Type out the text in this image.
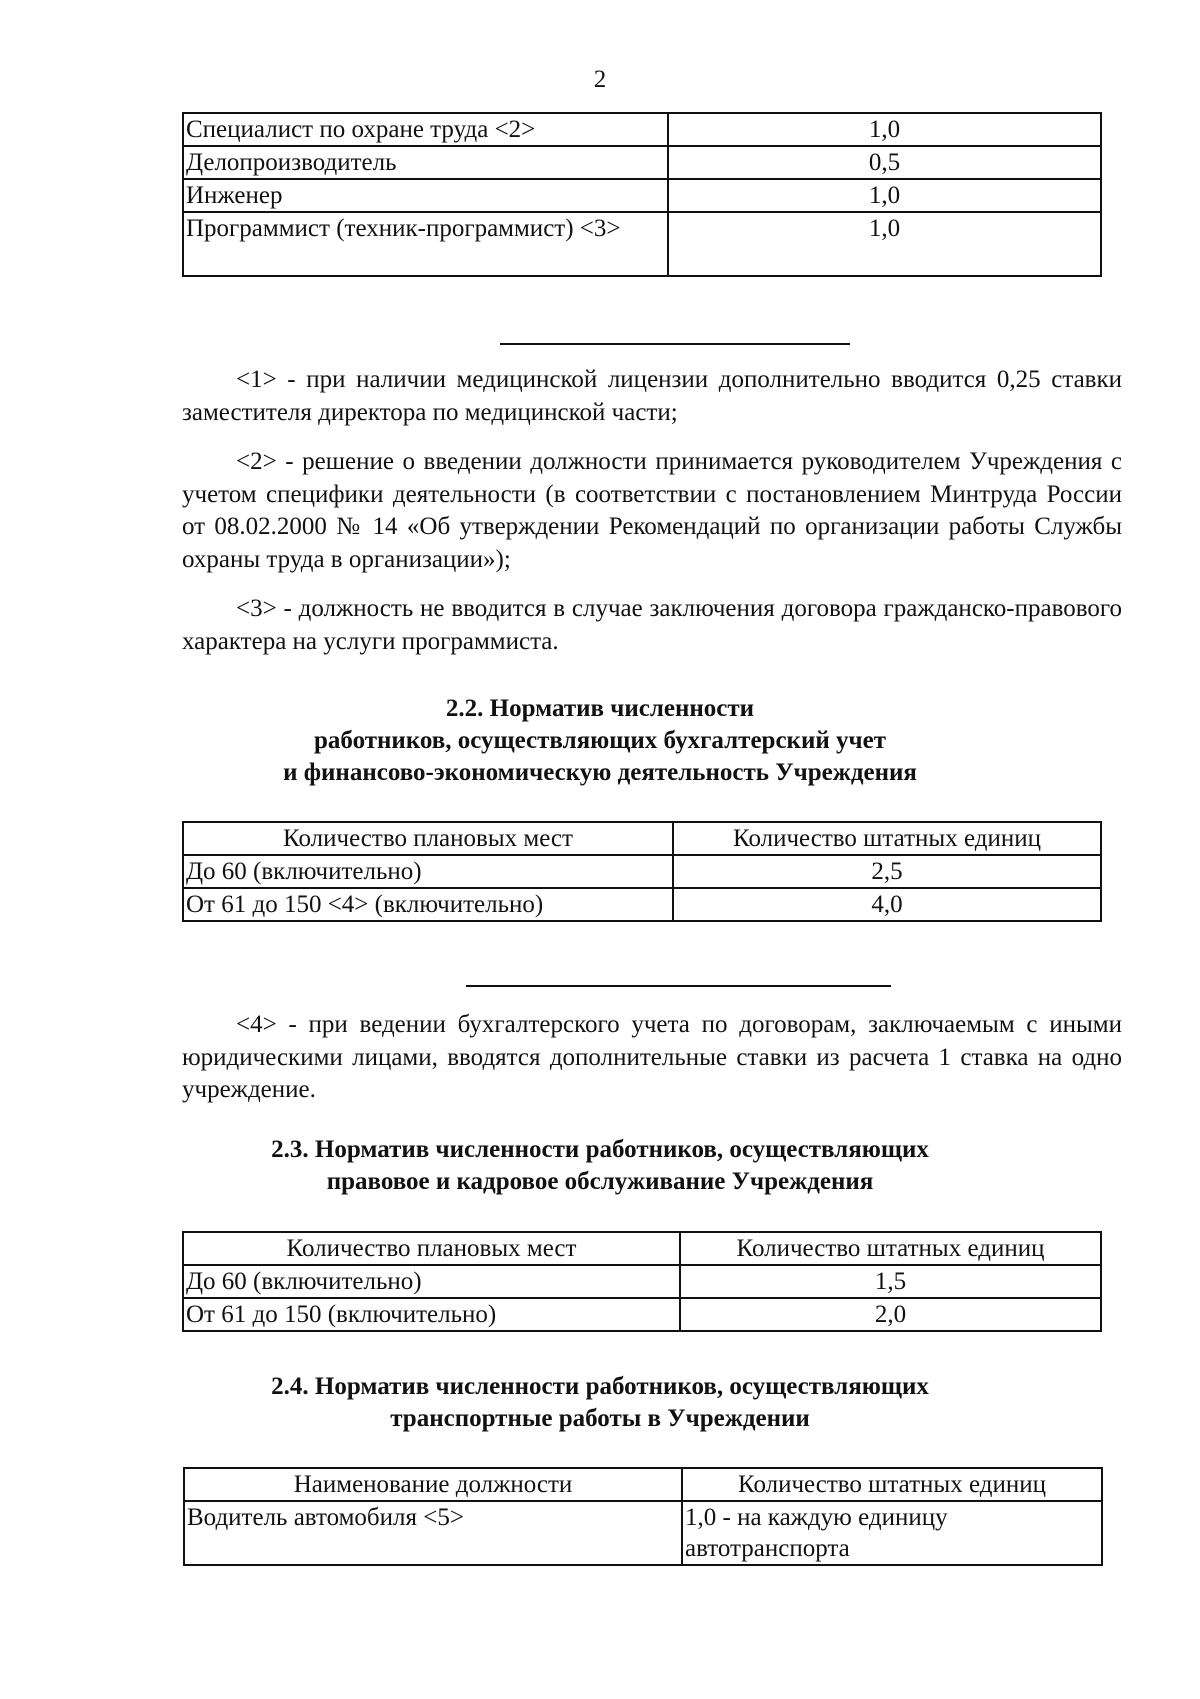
2
Специалист по охране труда <2>	1,0
Делопроизводитель	0,5
Инженер	1,0
Программист (техник-программист) <3>	1,0

<1> - при наличии медицинской лицензии дополнительно вводится 0,25 ставки заместителя директора по медицинской части;

<2> - решение о введении должности принимается руководителем Учреждения с учетом специфики деятельности (в соответствии с постановлением Минтруда России от 08.02.2000 № 14 «Об утверждении Рекомендаций по организации работы Службы охраны труда в организации»);

<3> - должность не вводится в случае заключения договора гражданско-правового характера на услуги программиста.

2.2. Норматив численности
работников, осуществляющих бухгалтерский учет
и финансово-экономическую деятельность Учреждения
Количество плановых мест	Количество штатных единиц
До 60 (включительно)	2,5
От 61 до 150 <4> (включительно)	4,0

<4> - при ведении бухгалтерского учета по договорам, заключаемым с иными юридическими лицами, вводятся дополнительные ставки из расчета 1 ставка на одно учреждение.

2.3. Норматив численности работников, осуществляющих
правовое и кадровое обслуживание Учреждения
Количество плановых мест	Количество штатных единиц
До 60 (включительно)	1,5
От 61 до 150 (включительно)	2,0
2.4. Норматив численности работников, осуществляющих
транспортные работы в Учреждении
Наименование должности	Количество штатных единиц
Водитель автомобиля <5>	1,0 - на каждую единицу автотранспорта
